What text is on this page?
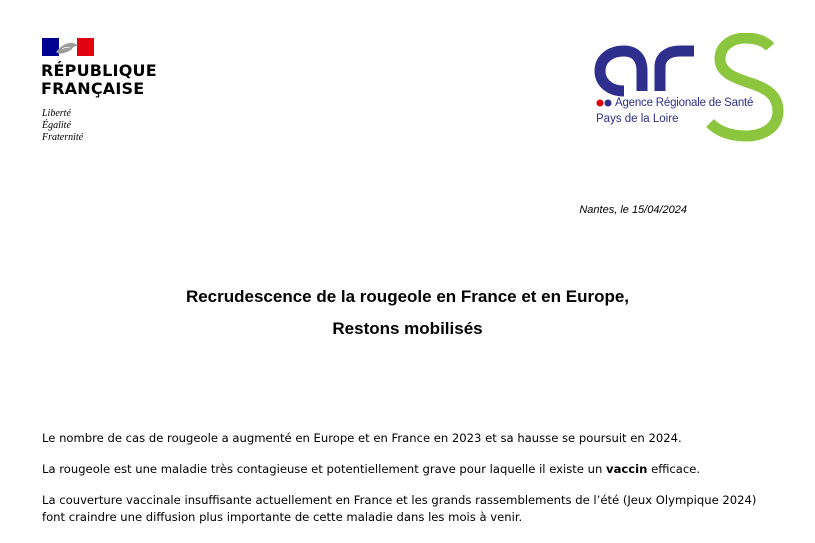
RÉPUBLIQUE
FRANÇAISE
Liberté
Égalité
Fraternité
Agence Régionale de Santé
Pays de la Loire
Nantes, le 15/04/2024
Recrudescence de la rougeole en France et en Europe,
Restons mobilisés
Le nombre de cas de rougeole a augmenté en Europe et en France en 2023 et sa hausse se poursuit en 2024.
La rougeole est une maladie très contagieuse et potentiellement grave pour laquelle il existe un vaccin efficace.
La couverture vaccinale insuffisante actuellement en France et les grands rassemblements de l’été (Jeux Olympique 2024)
font craindre une diffusion plus importante de cette maladie dans les mois à venir.
